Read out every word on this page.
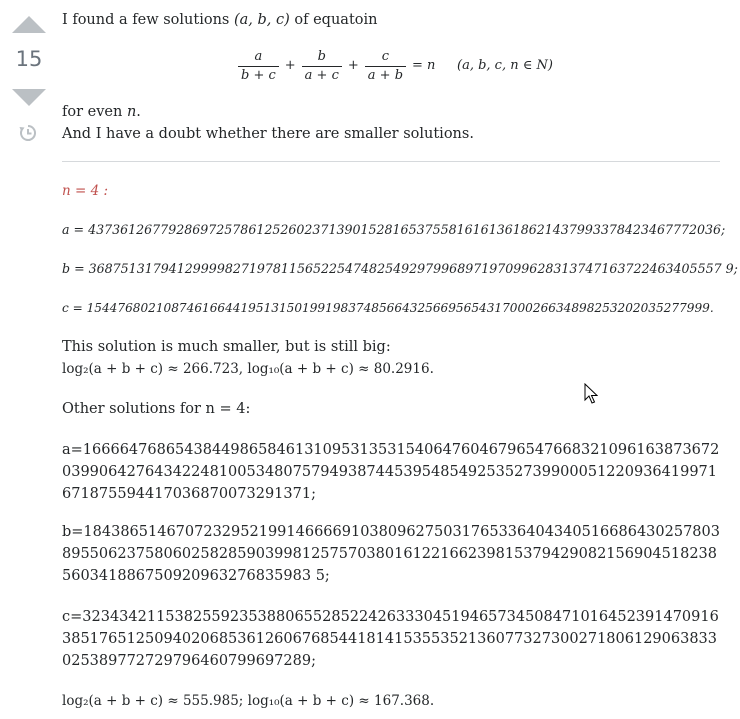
15
I found a few solutions (a, b, c) of equatoin
$\frac{a}{b + c} + \frac{b}{a + c} + \frac{c}{a + b} = n$ (a, b, c, n ∈ N)
for even n.
And I have a doubt whether there are smaller solutions.
n = 4 :
a = 4373612677928697257861252602371390152816537558161613618621437993378423467772036;
b = 3687513179412999982719781156522547482549297996897197099628313747163722463405557 9;
c = 154476802108746166441951315019919837485664325669565431700026634898253202035277999.
This solution is much smaller, but is still big:
log₂(a + b + c) ≈ 266.723, log₁₀(a + b + c) ≈ 80.2916.
Other solutions for n = 4:
a=16666476865438449865846131095313531540647604679654766832109616387367203990642764342248100534807579493874453954854925352739900051220936419971671875594417036870073291371;
b=18438651467072329521991466669103809627503176533640434051668643025780389550623758060258285903998125757038016122166239815379429082156904518238560341886750920963276835983 5;
c=32343421153825592353880655285224263330451946573450847101645239147091638517651250940206853612606768544181415355352136077327300271806129063833025389772729796460799697289;
log₂(a + b + c) ≈ 555.985; log₁₀(a + b + c) ≈ 167.368.
